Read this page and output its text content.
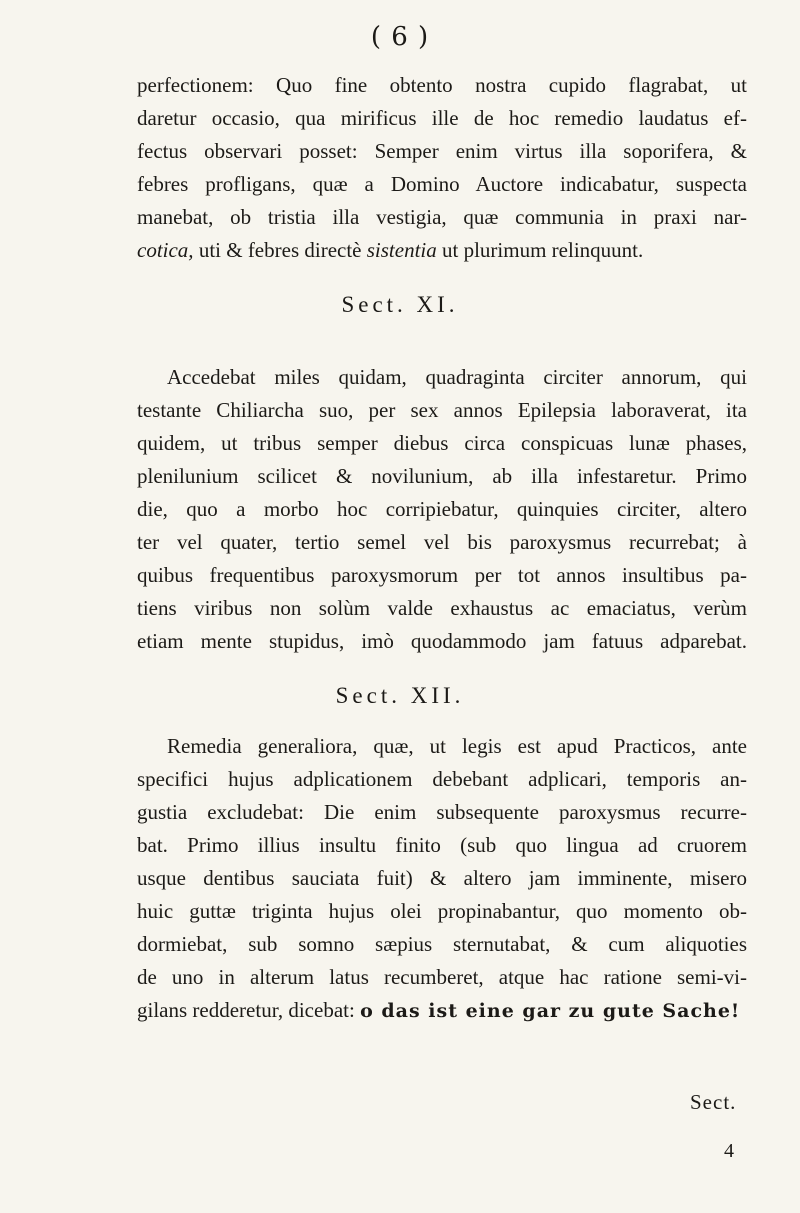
( 6 )
perfectionem: Quo fine obtento nostra cupido flagrabat, ut
daretur occasio, qua mirificus ille de hoc remedio laudatus ef-
fectus observari posset: Semper enim virtus illa soporifera, &
febres profligans, quæ a Domino Auctore indicabatur, suspecta
manebat, ob tristia illa vestigia, quæ communia in praxi nar-
cotica, uti & febres directè sistentia ut plurimum relinquunt.
Sect. XI.
Accedebat miles quidam, quadraginta circiter annorum, qui
testante Chiliarcha suo, per sex annos Epilepsia laboraverat, ita
quidem, ut tribus semper diebus circa conspicuas lunæ phases,
plenilunium scilicet & novilunium, ab illa infestaretur. Primo
die, quo a morbo hoc corripiebatur, quinquies circiter, altero
ter vel quater, tertio semel vel bis paroxysmus recurrebat; à
quibus frequentibus paroxysmorum per tot annos insultibus pa-
tiens viribus non solùm valde exhaustus ac emaciatus, verùm
etiam mente stupidus, imò quodammodo jam fatuus adparebat.
Sect. XII.
Remedia generaliora, quæ, ut legis est apud Practicos, ante
specifici hujus adplicationem debebant adplicari, temporis an-
gustia excludebat: Die enim subsequente paroxysmus recurre-
bat. Primo illius insultu finito (sub quo lingua ad cruorem
usque dentibus sauciata fuit) & altero jam imminente, misero
huic guttæ triginta hujus olei propinabantur, quo momento ob-
dormiebat, sub somno sæpius sternutabat, & cum aliquoties
de uno in alterum latus recumberet, atque hac ratione semi-vi-
gilans redderetur, dicebat: o das ist eine gar zu gute Sache!
Sect.
4
